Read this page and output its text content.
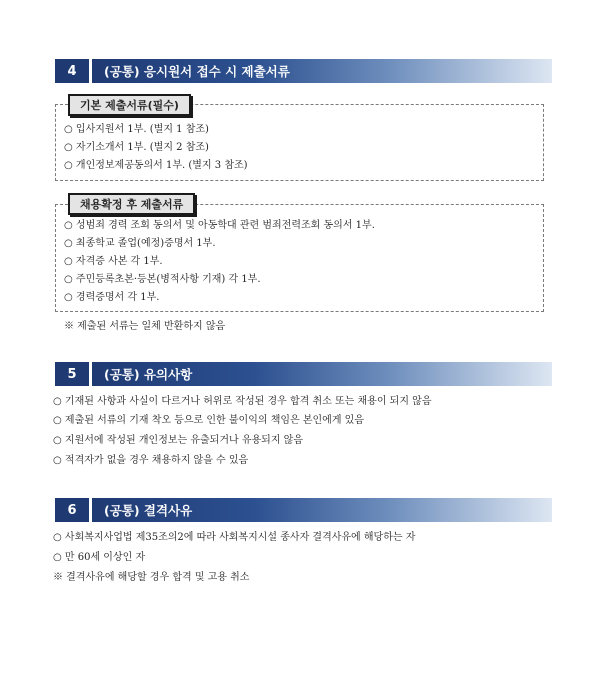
4	(공통) 응시원서 접수 시 제출서류
기본 제출서류(필수)
○ 입사지원서 1부. (별지 1 참조)
○ 자기소개서 1부. (별지 2 참조)
○ 개인정보제공동의서 1부. (별지 3 참조)
채용확정 후 제출서류
○ 성범죄 경력 조회 동의서 및 아동학대 관련 범죄전력조회 동의서 1부.
○ 최종학교 졸업(예정)증명서 1부.
○ 자격증 사본 각 1부.
○ 주민등록초본·등본(병적사항 기재) 각 1부.
○ 경력증명서 각 1부.
※ 제출된 서류는 일체 반환하지 않음
5	(공통) 유의사항
○ 기재된 사항과 사실이 다르거나 허위로 작성된 경우 합격 취소 또는 채용이 되지 않음
○ 제출된 서류의 기재 착오 등으로 인한 불이익의 책임은 본인에게 있음
○ 지원서에 작성된 개인정보는 유출되거나 유용되지 않음
○ 적격자가 없을 경우 채용하지 않을 수 있음
6	(공통) 결격사유
○ 사회복지사업법 제35조의2에 따라 사회복지시설 종사자 결격사유에 해당하는 자
○ 만 60세 이상인 자
※ 결격사유에 해당할 경우 합격 및 고용 취소
